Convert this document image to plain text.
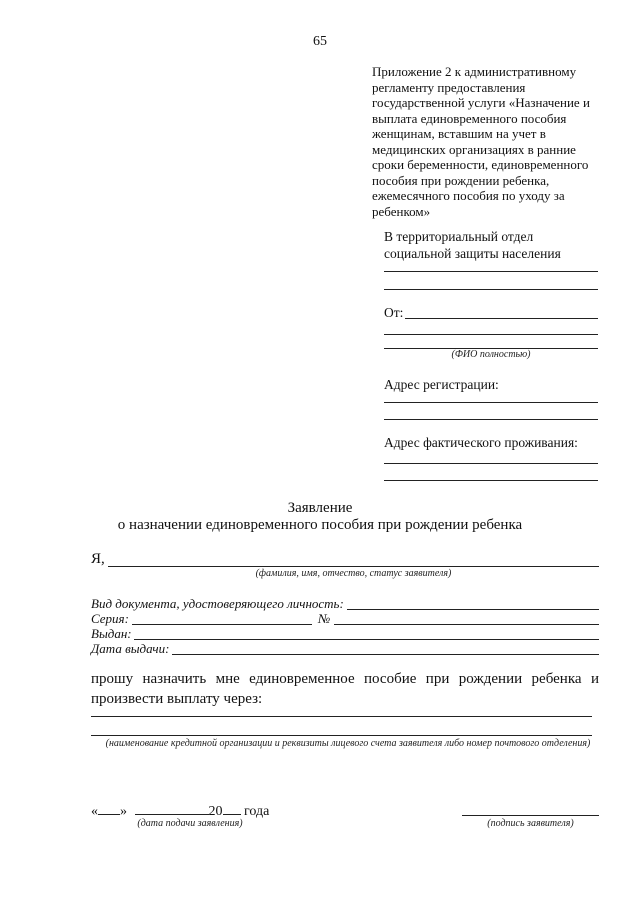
65
Приложение 2 к административному регламенту предоставления государственной услуги «Назначение и выплата единовременного пособия женщинам, вставшим на учет в медицинских организациях в ранние сроки беременности, единовременного пособия при рождении ребенка, ежемесячного пособия по уходу за ребенком»
В территориальный отдел
социальной защиты населения
От:
(ФИО полностью)
Адрес регистрации:
Адрес фактического проживания:
Заявление
о назначении единовременного пособия при рождении ребенка
Я,
(фамилия, имя, отчество, статус заявителя)
Вид документа, удостоверяющего личность:
Серия:	№
Выдан:
Дата выдачи:
прошу назначить мне единовременное пособие при рождении ребенка и произвести выплату через:
(наименование кредитной организации и реквизиты лицевого счета заявителя либо номер почтового отделения)
« »	20 года
(дата подачи заявления)	(подпись заявителя)
